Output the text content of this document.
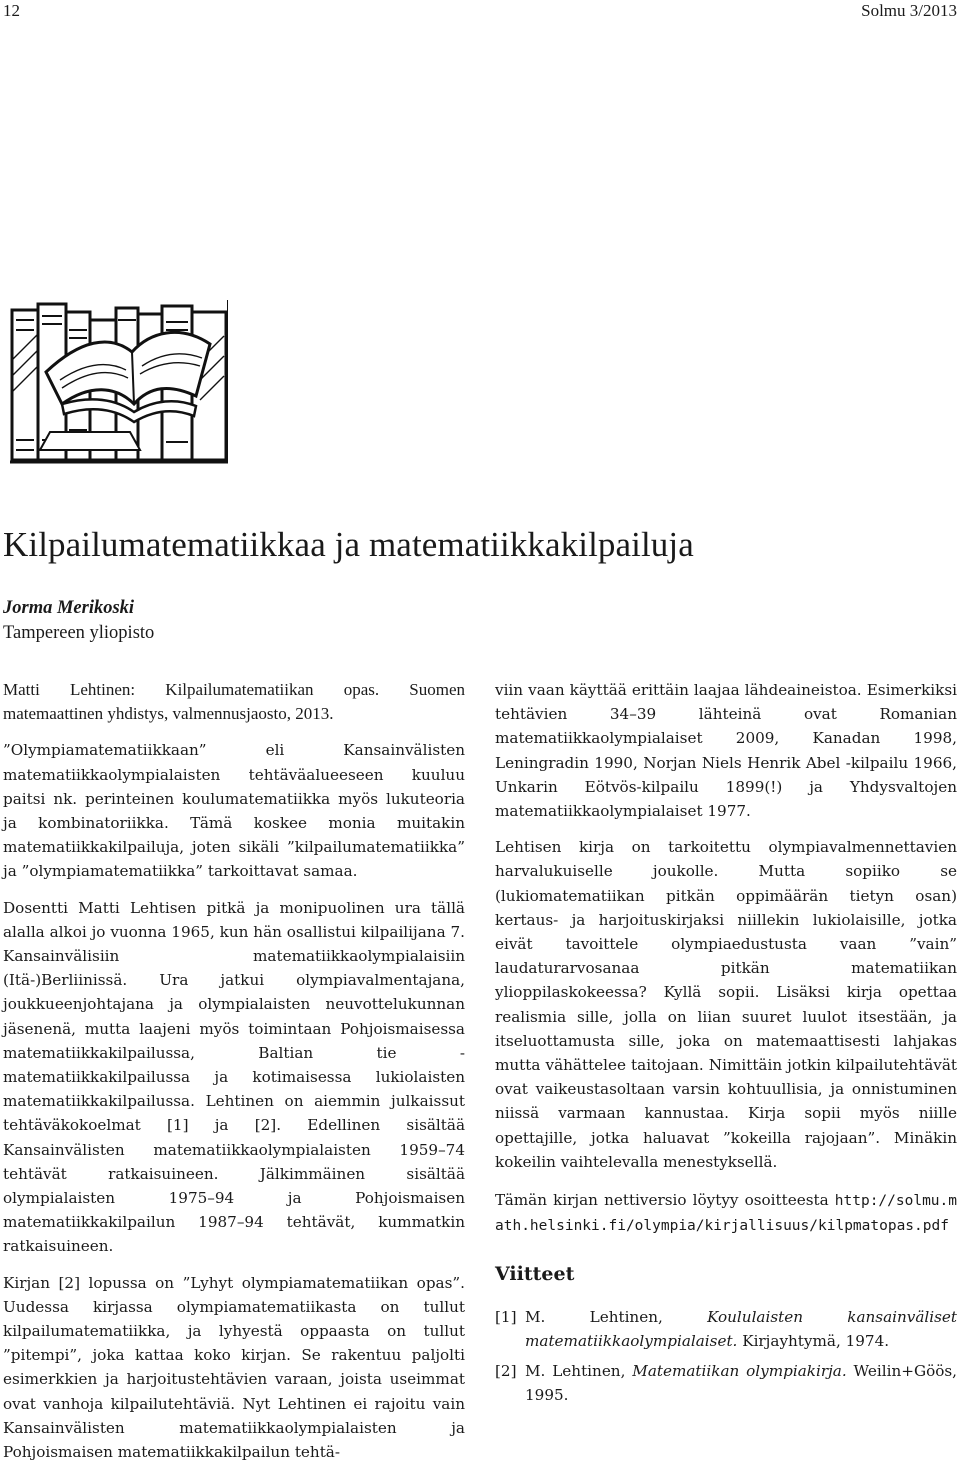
12	Solmu 3/2013
Kilpailumatematiikkaa ja matematiikkakilpailuja
Jorma Merikoski
Tampereen yliopisto

Matti Lehtinen: Kilpailumatematiikan opas. Suomen matemaattinen yhdistys, valmennusjaosto, 2013.

”Olympiamatematiikkaan” eli Kansainvälisten matematiikkaolympialaisten tehtäväalueeseen kuuluu paitsi nk. perinteinen koulumatematiikka myös lukuteoria ja kombinatoriikka. Tämä koskee monia muitakin matematiikkakilpailuja, joten sikäli ”kilpailumatematiikka” ja ”olympiamatematiikka” tarkoittavat samaa.

Dosentti Matti Lehtisen pitkä ja monipuolinen ura tällä alalla alkoi jo vuonna 1965, kun hän osallistui kilpailijana 7. Kansainvälisiin matematiikkaolympialaisiin (Itä-)Berliinissä. Ura jatkui olympiavalmentajana, joukkueenjohtajana ja olympialaisten neuvottelukunnan jäsenenä, mutta laajeni myös toimintaan Pohjoismaisessa matematiikkakilpailussa, Baltian tie -matematiikkakilpailussa ja kotimaisessa lukiolaisten matematiikkakilpailussa. Lehtinen on aiemmin julkaissut tehtäväkokoelmat [1] ja [2]. Edellinen sisältää Kansainvälisten matematiikkaolympialaisten 1959–74 tehtävät ratkaisuineen. Jälkimmäinen sisältää olympialaisten 1975–94 ja Pohjoismaisen matematiikkakilpailun 1987–94 tehtävät, kummatkin ratkaisuineen.

Kirjan [2] lopussa on ”Lyhyt olympiamatematiikan opas”. Uudessa kirjassa olympiamatematiikasta on tullut kilpailumatematiikka, ja lyhyestä oppaasta on tullut ”pitempi”, joka kattaa koko kirjan. Se rakentuu paljolti esimerkkien ja harjoitustehtävien varaan, joista useimmat ovat vanhoja kilpailutehtäviä. Nyt Lehtinen ei rajoitu vain Kansainvälisten matematiikkaolympialaisten ja Pohjoismaisen matematiikkakilpailun tehtä-

viin vaan käyttää erittäin laajaa lähdeaineistoa. Esimerkiksi tehtävien 34–39 lähteinä ovat Romanian matematiikkaolympialaiset 2009, Kanadan 1998, Leningradin 1990, Norjan Niels Henrik Abel -kilpailu 1966, Unkarin Eötvös-kilpailu 1899(!) ja Yhdysvaltojen matematiikkaolympialaiset 1977.

Lehtisen kirja on tarkoitettu olympiavalmennettavien harvalukuiselle joukolle. Mutta sopiiko se (lukiomatematiikan pitkän oppimäärän tietyn osan) kertaus- ja harjoituskirjaksi niillekin lukiolaisille, jotka eivät tavoittele olympiaedustusta vaan ”vain” laudaturarvosanaa pitkän matematiikan ylioppilaskokeessa? Kyllä sopii. Lisäksi kirja opettaa realismia sille, jolla on liian suuret luulot itsestään, ja itseluottamusta sille, joka on matemaattisesti lahjakas mutta vähättelee taitojaan. Nimittäin jotkin kilpailutehtävät ovat vaikeustasoltaan varsin kohtuullisia, ja onnistuminen niissä varmaan kannustaa. Kirja sopii myös niille opettajille, jotka haluavat ”kokeilla rajojaan”. Minäkin kokeilin vaihtelevalla menestyksellä.

Tämän kirjan nettiversio löytyy osoitteesta http://solmu.math.helsinki.fi/olympia/kirjallisuus/kilpmatopas.pdf

Viitteet
[1] M. Lehtinen,	Koululaisten kansainväliset matematiikkaolympialaiset. Kirjayhtymä, 1974.
[2] M. Lehtinen, Matematiikan olympiakirja. Weilin+Göös, 1995.
